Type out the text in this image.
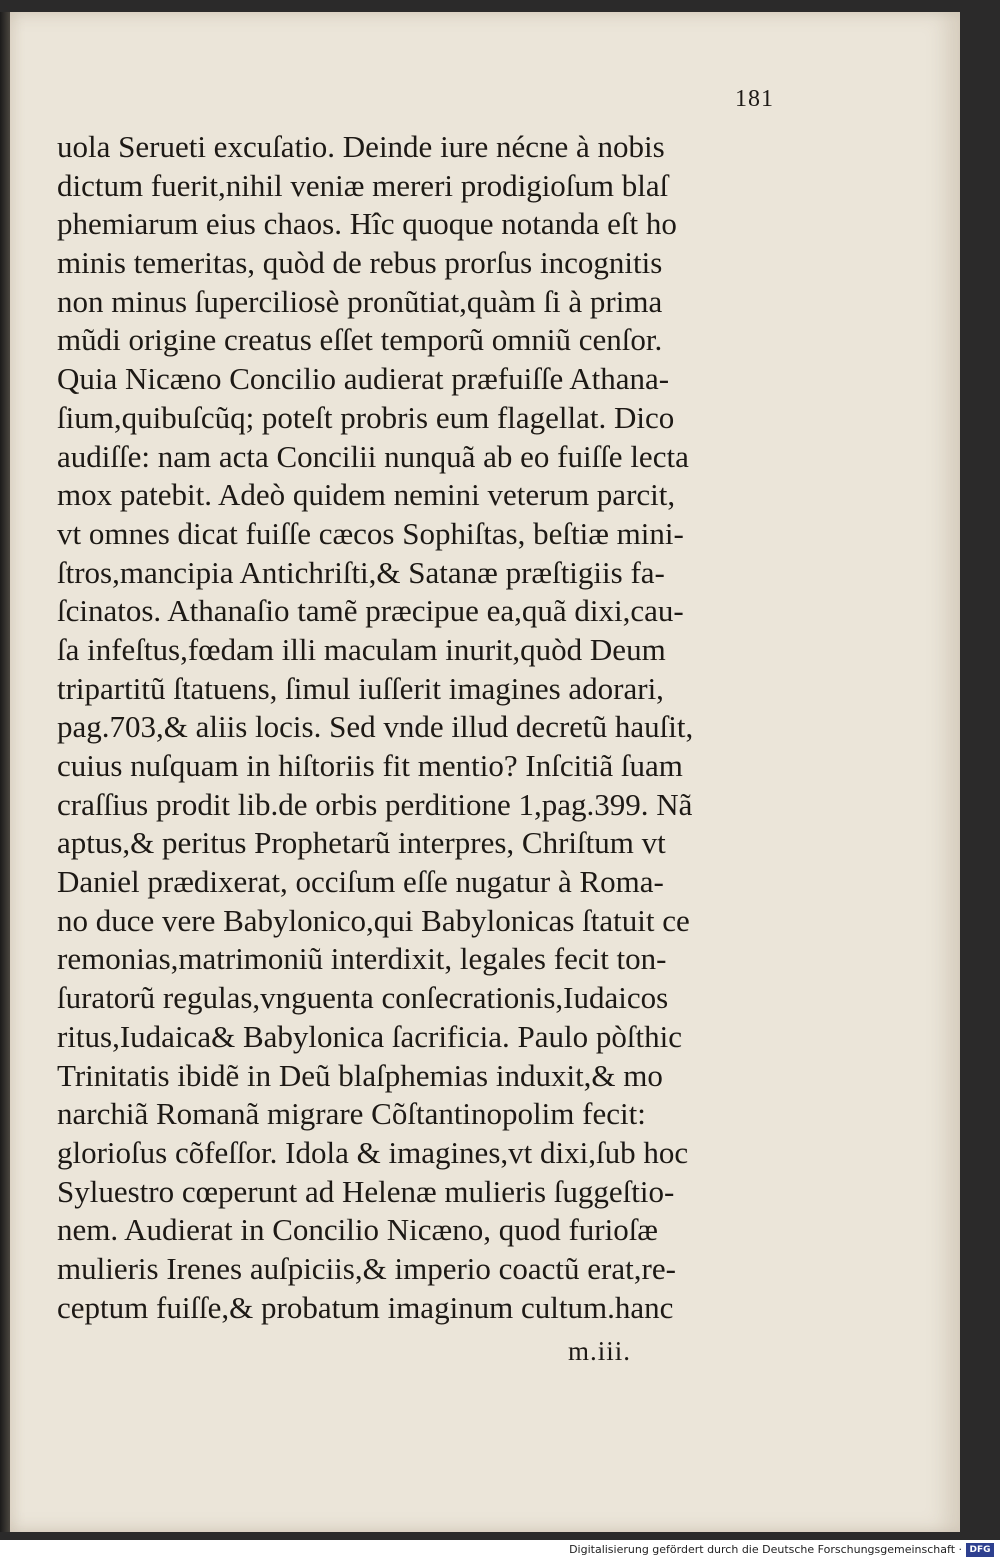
181
uola Serueti excuſatio. Deinde iure nécne à nobis
dictum fuerit,nihil veniæ mereri prodigioſum blaſ
phemiarum eius chaos. Hîc quoque notanda eſt ho
minis temeritas, quòd de rebus prorſus incognitis
non minus ſuperciliosè pronũtiat,quàm ſi à prima
mũdi origine creatus eſſet temporũ omniũ cenſor.
Quia Nicæno Concilio audierat præfuiſſe Athana-
ſium,quibuſcũq; poteſt probris eum flagellat. Dico
audiſſe: nam acta Concilii nunquã ab eo fuiſſe lecta
mox patebit. Adeò quidem nemini veterum parcit,
vt omnes dicat fuiſſe cæcos Sophiſtas, beſtiæ mini-
ſtros,mancipia Antichriſti,& Satanæ præſtigiis fa-
ſcinatos. Athanaſio tamẽ præcipue ea,quã dixi,cau-
ſa infeſtus,fœdam illi maculam inurit,quòd Deum
tripartitũ ſtatuens, ſimul iuſſerit imagines adorari,
pag.703,& aliis locis. Sed vnde illud decretũ hauſit,
cuius nuſquam in hiſtoriis fit mentio? Inſcitiã ſuam
craſſius prodit lib.de orbis perditione 1,pag.399. Nã
aptus,& peritus Prophetarũ interpres, Chriſtum vt
Daniel prædixerat, occiſum eſſe nugatur à Roma-
no duce vere Babylonico,qui Babylonicas ſtatuit ce
remonias,matrimoniũ interdixit, legales fecit ton-
ſuratorũ regulas,vnguenta conſecrationis,Iudaicos
ritus,Iudaica& Babylonica ſacrificia. Paulo pòſthic
Trinitatis ibidẽ in Deũ blaſphemias induxit,& mo
narchiã Romanã migrare Cõſtantinopolim fecit:
glorioſus cõfeſſor. Idola & imagines,vt dixi,ſub hoc
Syluestro cœperunt ad Helenæ mulieris ſuggeſtio-
nem. Audierat in Concilio Nicæno, quod furioſæ
mulieris Irenes auſpiciis,& imperio coactũ erat,re-
ceptum fuiſſe,& probatum imaginum cultum.hanc
m.iii.
Digitalisierung gefördert durch die Deutsche Forschungsgemeinschaft · DFG
